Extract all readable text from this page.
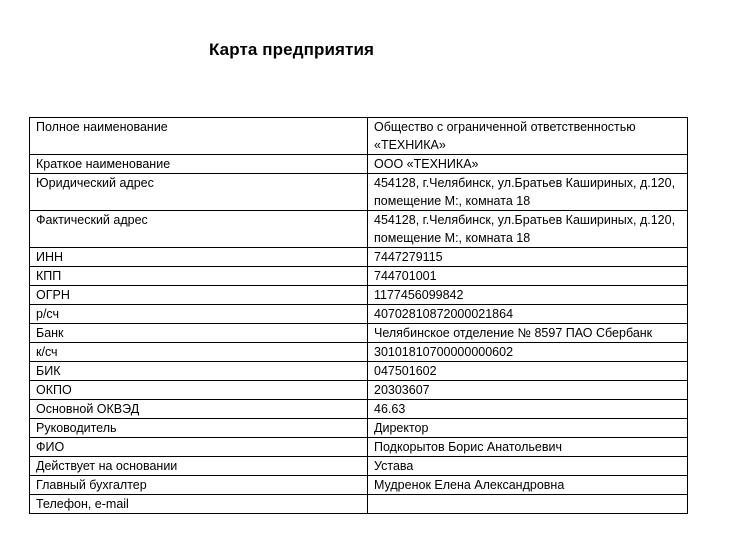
Карта предприятия
Полное наименование	Общество с ограниченной ответственностью «ТЕХНИКА»
Краткое наименование	ООО «ТЕХНИКА»
Юридический адрес	454128, г.Челябинск, ул.Братьев Кашириных, д.120, помещение М:, комната 18
Фактический адрес	454128, г.Челябинск, ул.Братьев Кашириных, д.120, помещение М:, комната 18
ИНН	7447279115
КПП	744701001
ОГРН	1177456099842
р/сч	40702810872000021864
Банк	Челябинское отделение № 8597 ПАО Сбербанк
к/сч	30101810700000000602
БИК	047501602
ОКПО	20303607
Основной ОКВЭД	46.63
Руководитель	Директор
ФИО	Подкорытов Борис Анатольевич
Действует на основании	Устава
Главный бухгалтер	Мудренок Елена Александровна
Телефон, e-mail	
